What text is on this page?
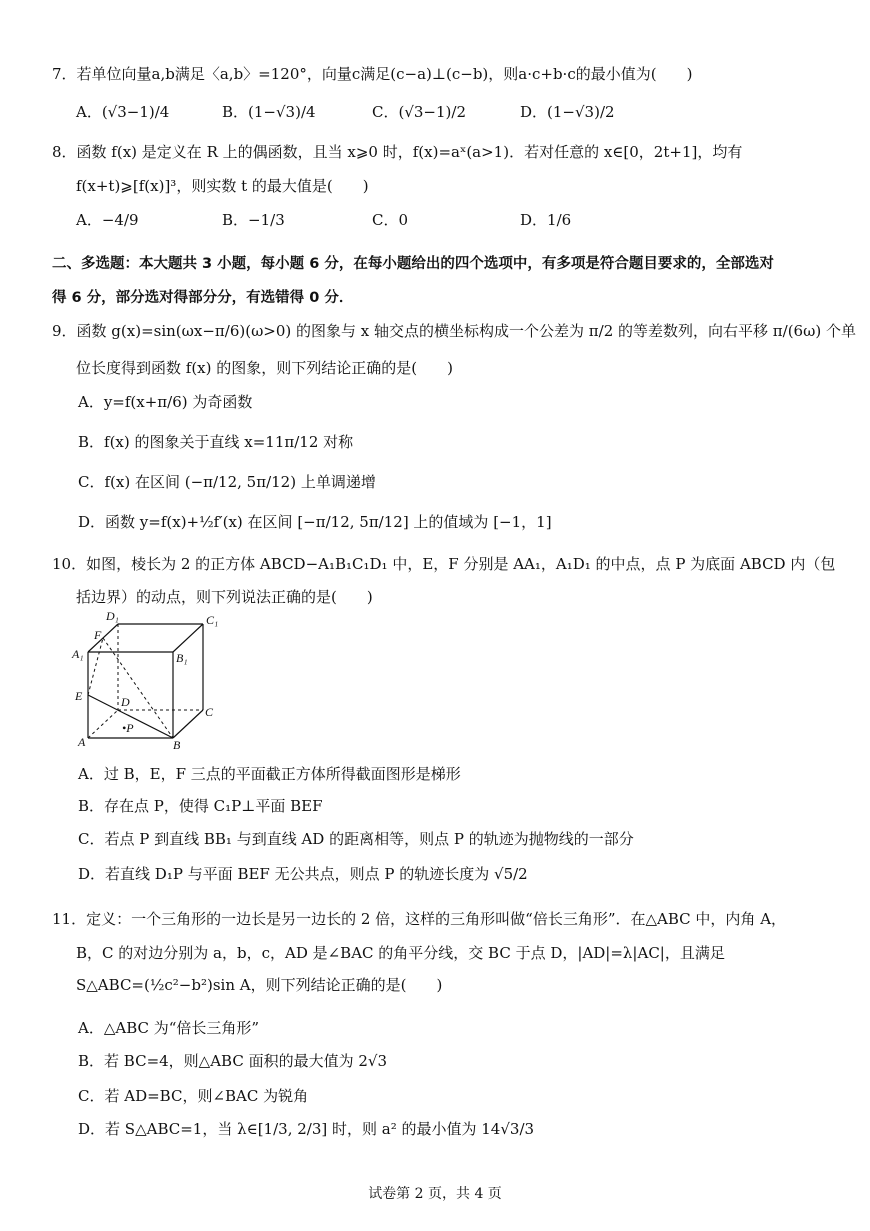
7．若单位向量a,b满足〈a,b〉=120°，向量c满足(c−a)⊥(c−b)，则a·c+b·c的最小值为(　　)
A．(√3−1)/4	B．(1−√3)/4	C．(√3−1)/2	D．(1−√3)/2
8．函数 f(x) 是定义在 R 上的偶函数，且当 x⩾0 时，f(x)=aˣ(a>1)．若对任意的 x∈[0，2t+1]，均有
f(x+t)⩾[f(x)]³，则实数 t 的最大值是(　　)
A．−4/9	B．−1/3	C．0	D．1/6
二、多选题：本大题共 3 小题，每小题 6 分，在每小题给出的四个选项中，有多项是符合题目要求的，全部选对
得 6 分，部分选对得部分分，有选错得 0 分．
9．函数 g(x)=sin(ωx−π/6)(ω>0) 的图象与 x 轴交点的横坐标构成一个公差为 π/2 的等差数列，向右平移 π/(6ω) 个单
位长度得到函数 f(x) 的图象，则下列结论正确的是(　　)
A．y=f(x+π/6) 为奇函数
B．f(x) 的图象关于直线 x=11π/12 对称
C．f(x) 在区间 (−π/12, 5π/12) 上单调递增
D．函数 y=f(x)+½f′(x) 在区间 [−π/12, 5π/12] 上的值域为 [−1，1]
10．如图，棱长为 2 的正方体 ABCD−A₁B₁C₁D₁ 中，E，F 分别是 AA₁，A₁D₁ 的中点，点 P 为底面 ABCD 内（包
括边界）的动点，则下列说法正确的是(　　)
D₁	C₁
F
A₁	B₁
E	D
C
•P
A	B
A．过 B，E，F 三点的平面截正方体所得截面图形是梯形
B．存在点 P，使得 C₁P⊥平面 BEF
C．若点 P 到直线 BB₁ 与到直线 AD 的距离相等，则点 P 的轨迹为抛物线的一部分
D．若直线 D₁P 与平面 BEF 无公共点，则点 P 的轨迹长度为 √5/2
11．定义：一个三角形的一边长是另一边长的 2 倍，这样的三角形叫做“倍长三角形”．在△ABC 中，内角 A，
B，C 的对边分别为 a，b，c，AD 是∠BAC 的角平分线，交 BC 于点 D，|AD|=λ|AC|，且满足
S△ABC=(½c²−b²)sin A，则下列结论正确的是(　　)
A．△ABC 为“倍长三角形”
B．若 BC=4，则△ABC 面积的最大值为 2√3
C．若 AD=BC，则∠BAC 为锐角
D．若 S△ABC=1，当 λ∈[1/3, 2/3] 时，则 a² 的最小值为 14√3/3
试卷第 2 页，共 4 页
